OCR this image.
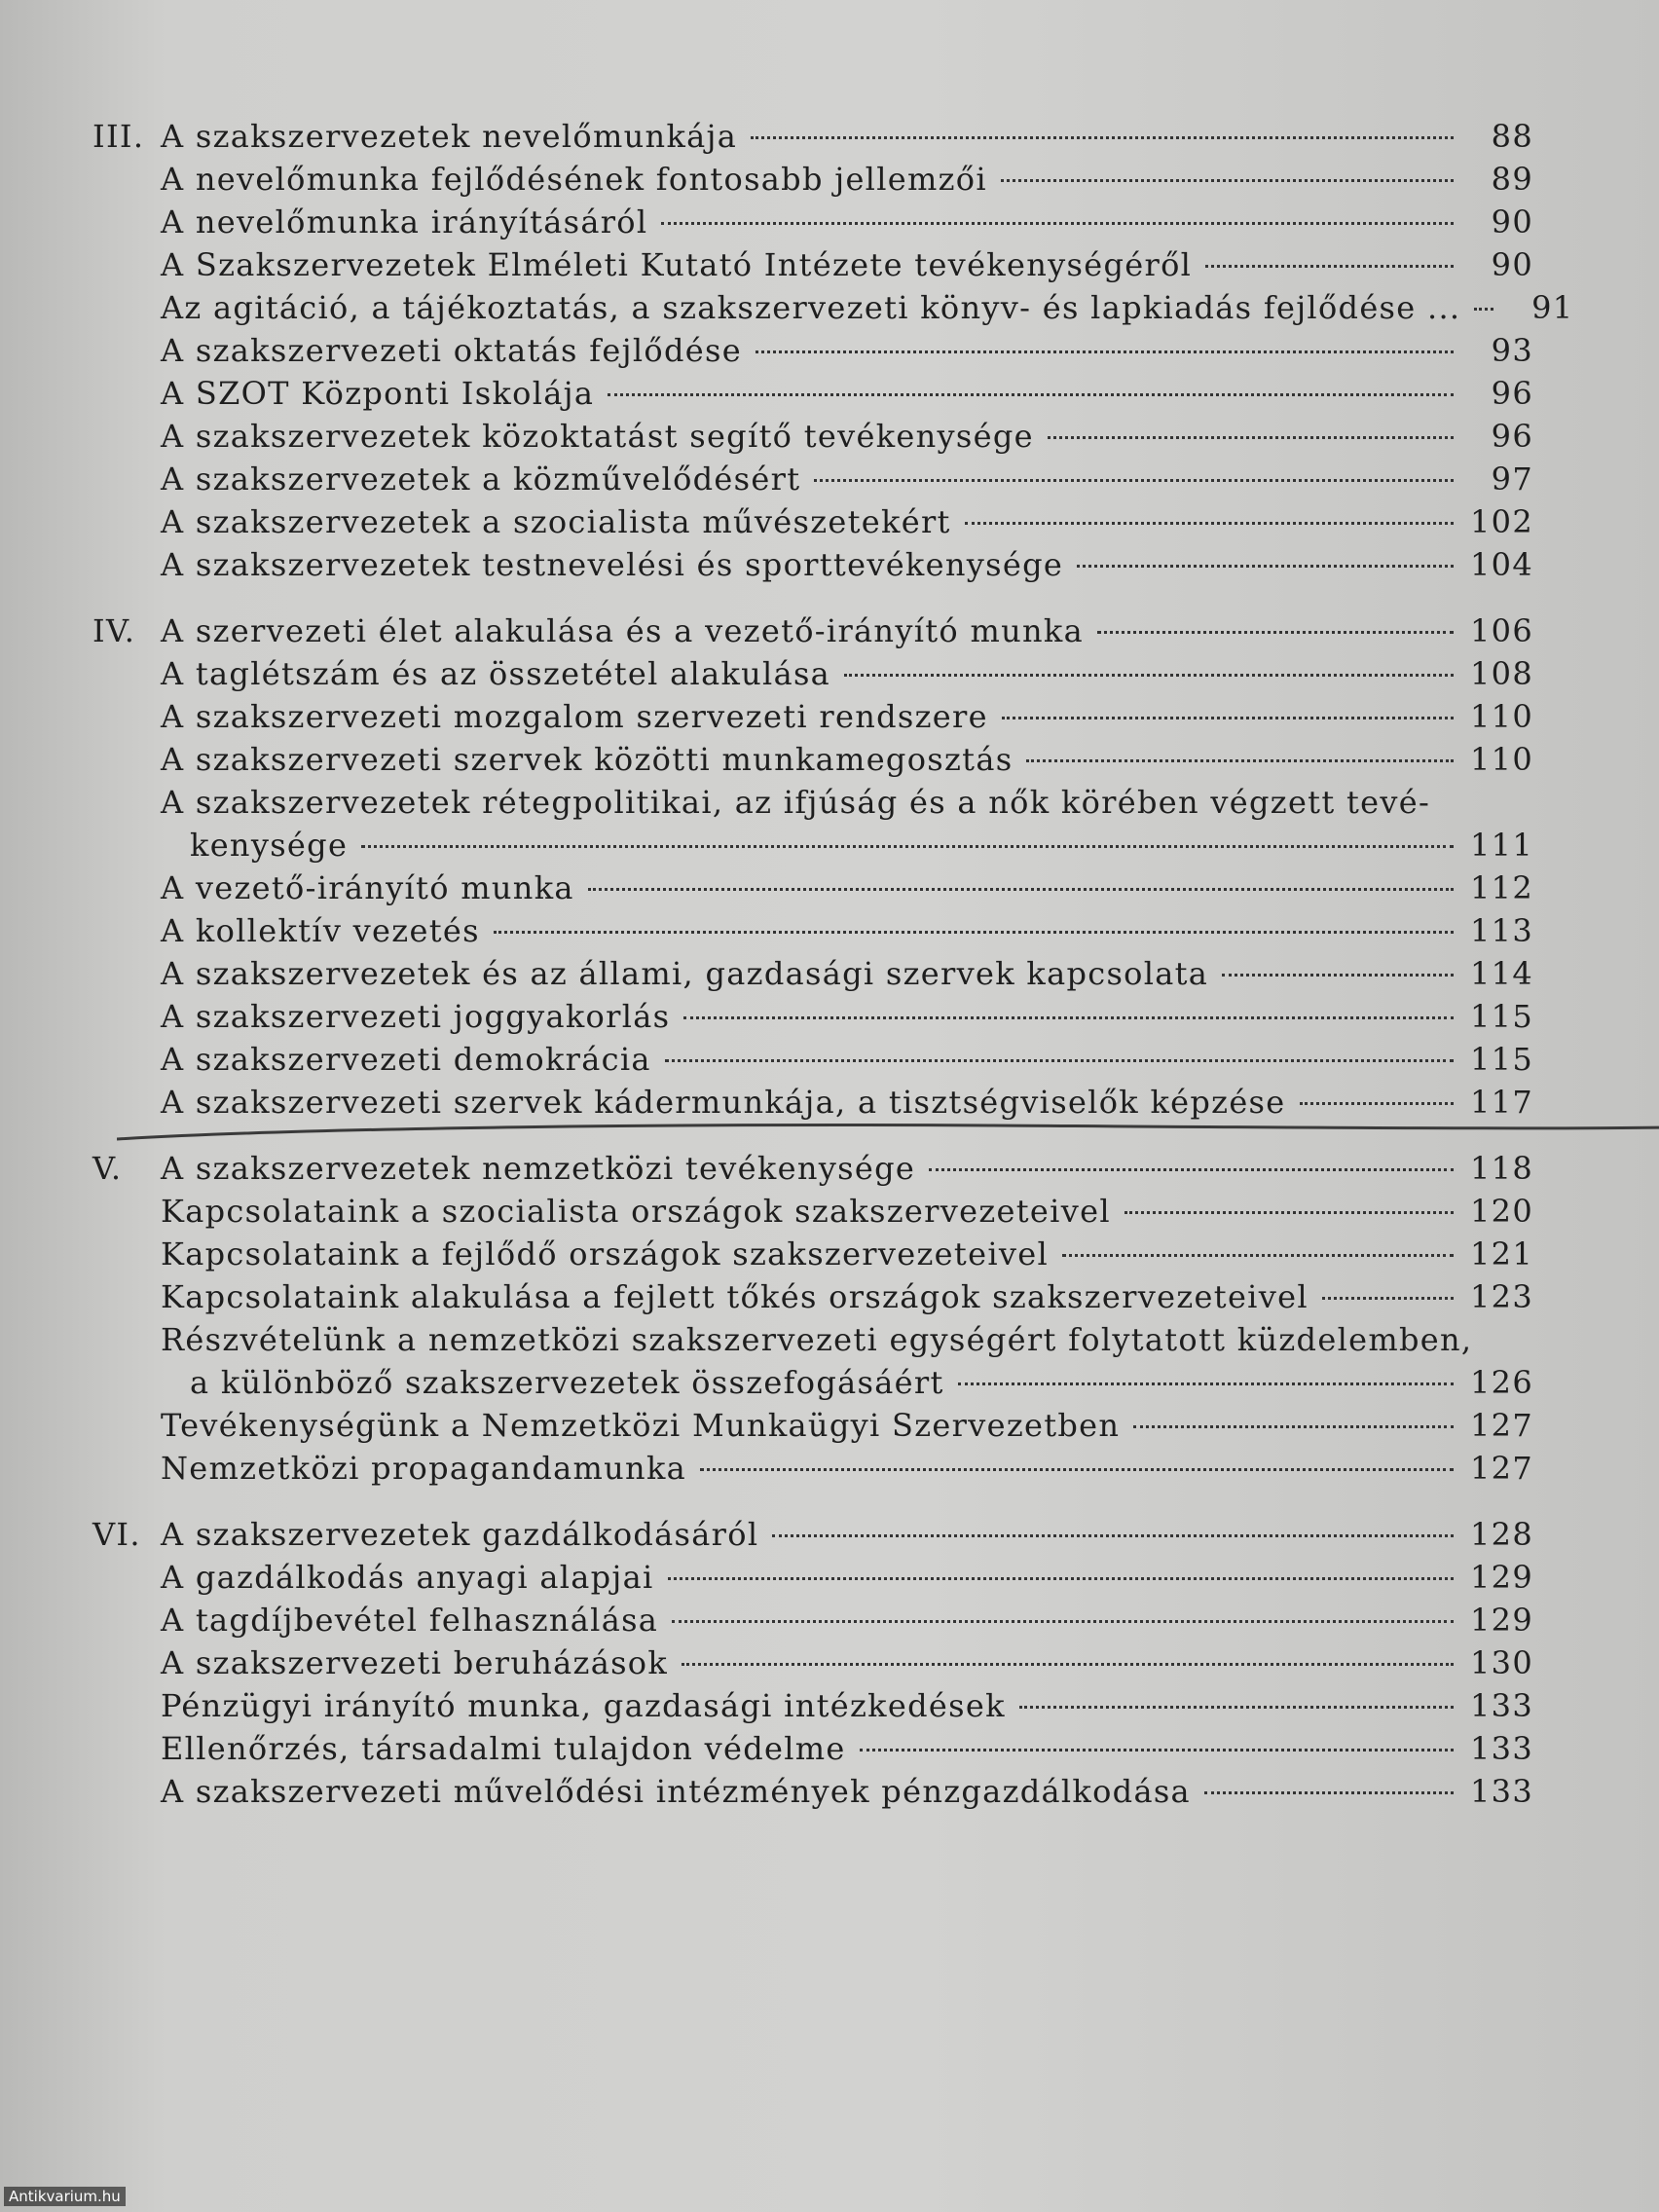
III. A szakszervezetek nevelőmunkája	88
A nevelőmunka fejlődésének fontosabb jellemzői	89
A nevelőmunka irányításáról	90
A Szakszervezetek Elméleti Kutató Intézete tevékenységéről	90
Az agitáció, a tájékoztatás, a szakszervezeti könyv- és lapkiadás fejlődése ...	91
A szakszervezeti oktatás fejlődése	93
A SZOT Központi Iskolája	96
A szakszervezetek közoktatást segítő tevékenysége	96
A szakszervezetek a közművelődésért	97
A szakszervezetek a szocialista művészetekért	102
A szakszervezetek testnevelési és sporttevékenysége	104
IV. A szervezeti élet alakulása és a vezető-irányító munka	106
A taglétszám és az összetétel alakulása	108
A szakszervezeti mozgalom szervezeti rendszere	110
A szakszervezeti szervek közötti munkamegosztás	110
A szakszervezetek rétegpolitikai, az ifjúság és a nők körében végzett tevé-
kenysége	111
A vezető-irányító munka	112
A kollektív vezetés	113
A szakszervezetek és az állami, gazdasági szervek kapcsolata	114
A szakszervezeti joggyakorlás	115
A szakszervezeti demokrácia	115
A szakszervezeti szervek kádermunkája, a tisztségviselők képzése	117
V.	A szakszervezetek nemzetközi tevékenysége	118
Kapcsolataink a szocialista országok szakszervezeteivel	120
Kapcsolataink a fejlődő országok szakszervezeteivel	121
Kapcsolataink alakulása a fejlett tőkés országok szakszervezeteivel	123
Részvételünk a nemzetközi szakszervezeti egységért folytatott küzdelemben,
a különböző szakszervezetek összefogásáért	126
Tevékenységünk a Nemzetközi Munkaügyi Szervezetben	127
Nemzetközi propagandamunka	127
VI. A szakszervezetek gazdálkodásáról	128
A gazdálkodás anyagi alapjai	129
A tagdíjbevétel felhasználása	129
A szakszervezeti beruházások	130
Pénzügyi irányító munka, gazdasági intézkedések	133
Ellenőrzés, társadalmi tulajdon védelme	133
A szakszervezeti művelődési intézmények pénzgazdálkodása	133
Antikvarium.hu
